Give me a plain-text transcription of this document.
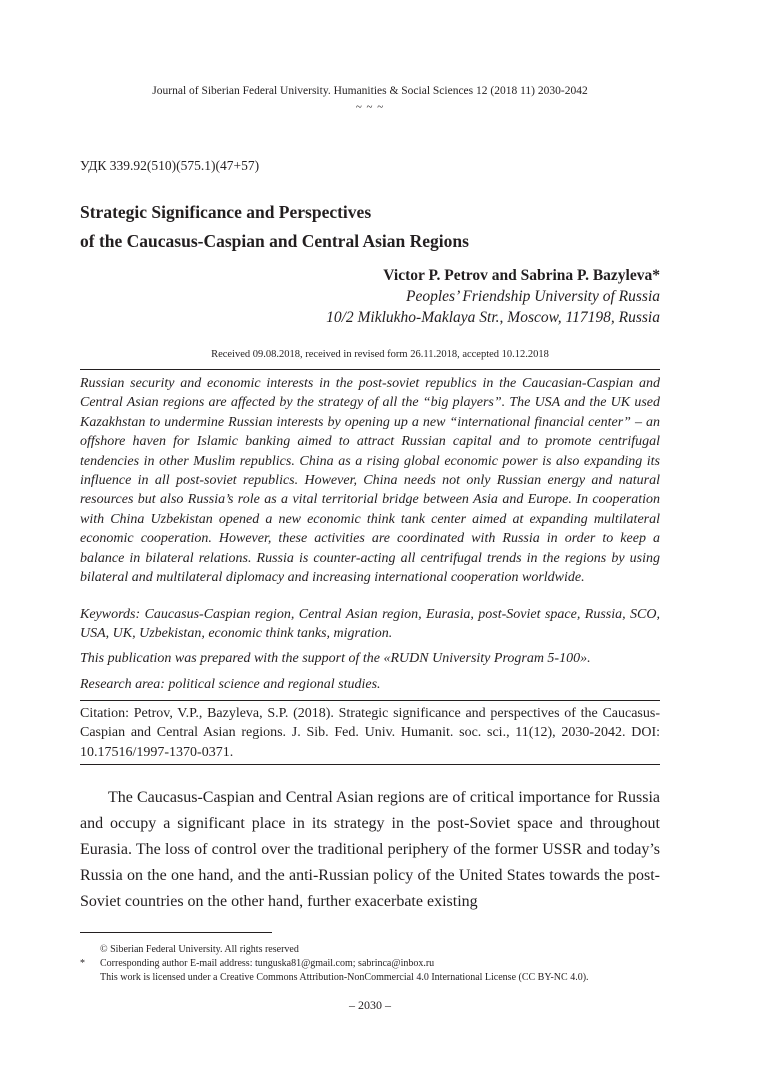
Journal of Siberian Federal University. Humanities & Social Sciences 12 (2018 11) 2030-2042
~ ~ ~
УДК 339.92(510)(575.1)(47+57)
Strategic Significance and Perspectives
of the Caucasus-Caspian and Central Asian Regions
Victor P. Petrov and Sabrina P. Bazyleva*
Peoples’ Friendship University of Russia
10/2 Miklukho-Maklaya Str., Moscow, 117198, Russia
Received 09.08.2018, received in revised form 26.11.2018, accepted 10.12.2018
Russian security and economic interests in the post-soviet republics in the Caucasian-Caspian and Central Asian regions are affected by the strategy of all the “big players”. The USA and the UK used Kazakhstan to undermine Russian interests by opening up a new “international financial center” – an offshore haven for Islamic banking aimed to attract Russian capital and to promote centrifugal tendencies in other Muslim republics. China as a rising global economic power is also expanding its influence in all post-soviet republics. However, China needs not only Russian energy and natural resources but also Russia’s role as a vital territorial bridge between Asia and Europe. In cooperation with China Uzbekistan opened a new economic think tank center aimed at expanding multilateral economic cooperation. However, these activities are coordinated with Russia in order to keep a balance in bilateral relations. Russia is counter-acting all centrifugal trends in the regions by using bilateral and multilateral diplomacy and increasing international cooperation worldwide.
Keywords: Caucasus-Caspian region, Central Asian region, Eurasia, post-Soviet space, Russia, SCO, USA, UK, Uzbekistan, economic think tanks, migration.
This publication was prepared with the support of the «RUDN University Program 5-100».
Research area: political science and regional studies.
Citation: Petrov, V.P., Bazyleva, S.P. (2018). Strategic significance and perspectives of the Caucasus-Caspian and Central Asian regions. J. Sib. Fed. Univ. Humanit. soc. sci., 11(12), 2030-2042. DOI: 10.17516/1997-1370-0371.
The Caucasus-Caspian and Central Asian regions are of critical importance for Russia and occupy a significant place in its strategy in the post-Soviet space and throughout Eurasia. The loss of control over the traditional periphery of the former USSR and today’s Russia on the one hand, and the anti-Russian policy of the United States towards the post-Soviet countries on the other hand, further exacerbate existing
© Siberian Federal University. All rights reserved
* Corresponding author E-mail address: tunguska81@gmail.com; sabrinca@inbox.ru
This work is licensed under a Creative Commons Attribution-NonCommercial 4.0 International License (CC BY-NC 4.0).
– 2030 –
